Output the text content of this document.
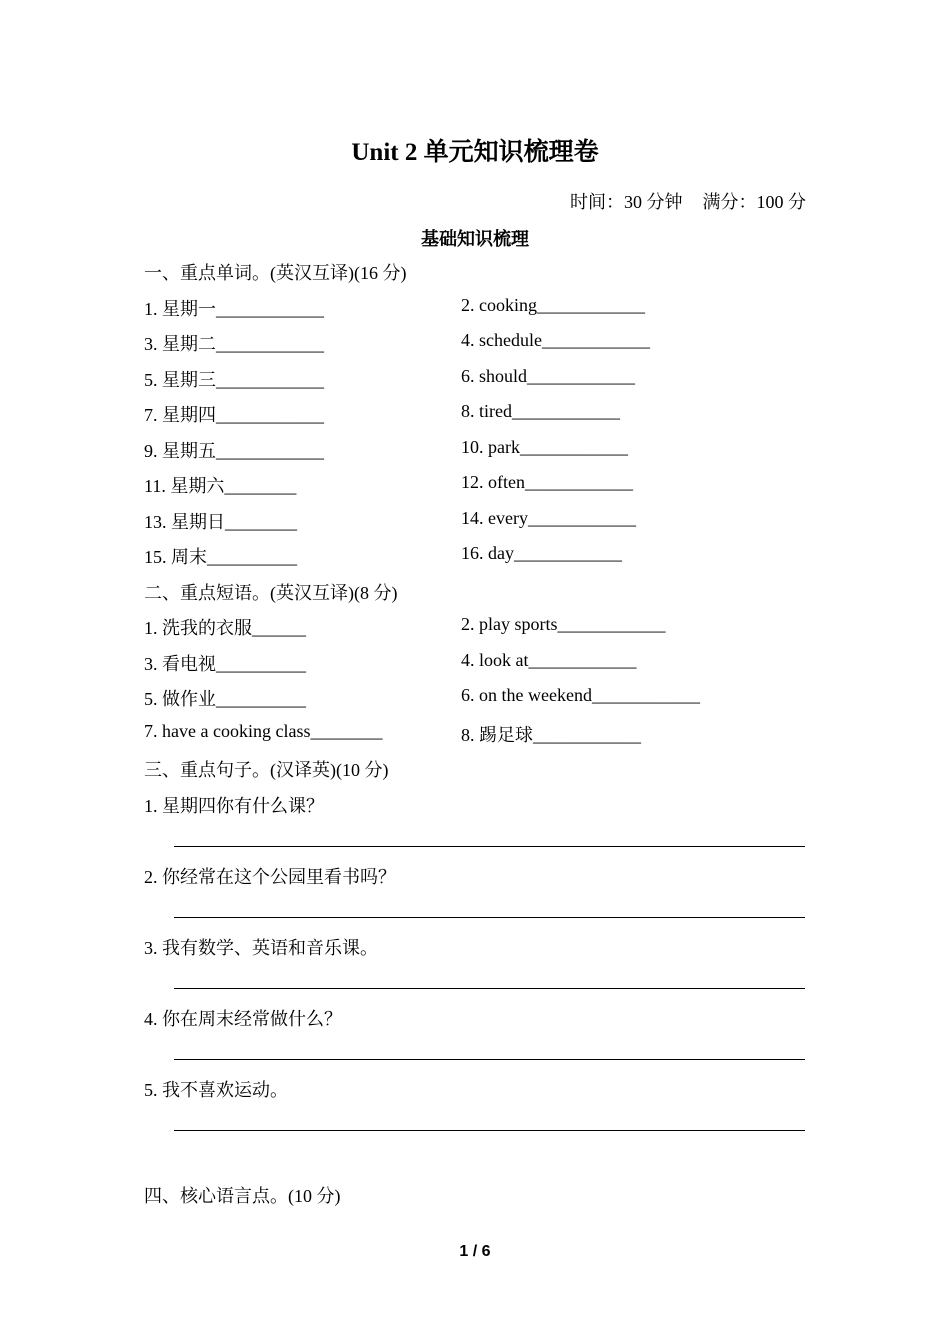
Unit 2 单元知识梳理卷
时间：30 分钟 满分：100 分
基础知识梳理
一、重点单词。(英汉互译)(16 分)
1. 星期一____________	2. cooking____________
3. 星期二____________	4. schedule____________
5. 星期三____________	6. should____________
7. 星期四____________	8. tired____________
9. 星期五____________	10. park____________
11. 星期六________	12. often____________
13. 星期日________	14. every____________
15. 周末__________	16. day____________
二、重点短语。(英汉互译)(8 分)
1. 洗我的衣服______	2. play sports____________
3. 看电视__________	4. look at____________
5. 做作业__________	6. on the weekend____________
7. have a cooking class________	8. 踢足球____________
三、重点句子。(汉译英)(10 分)
1. 星期四你有什么课？
2. 你经常在这个公园里看书吗？
3. 我有数学、英语和音乐课。
4. 你在周末经常做什么？
5. 我不喜欢运动。
四、核心语言点。(10 分)
1 / 6
